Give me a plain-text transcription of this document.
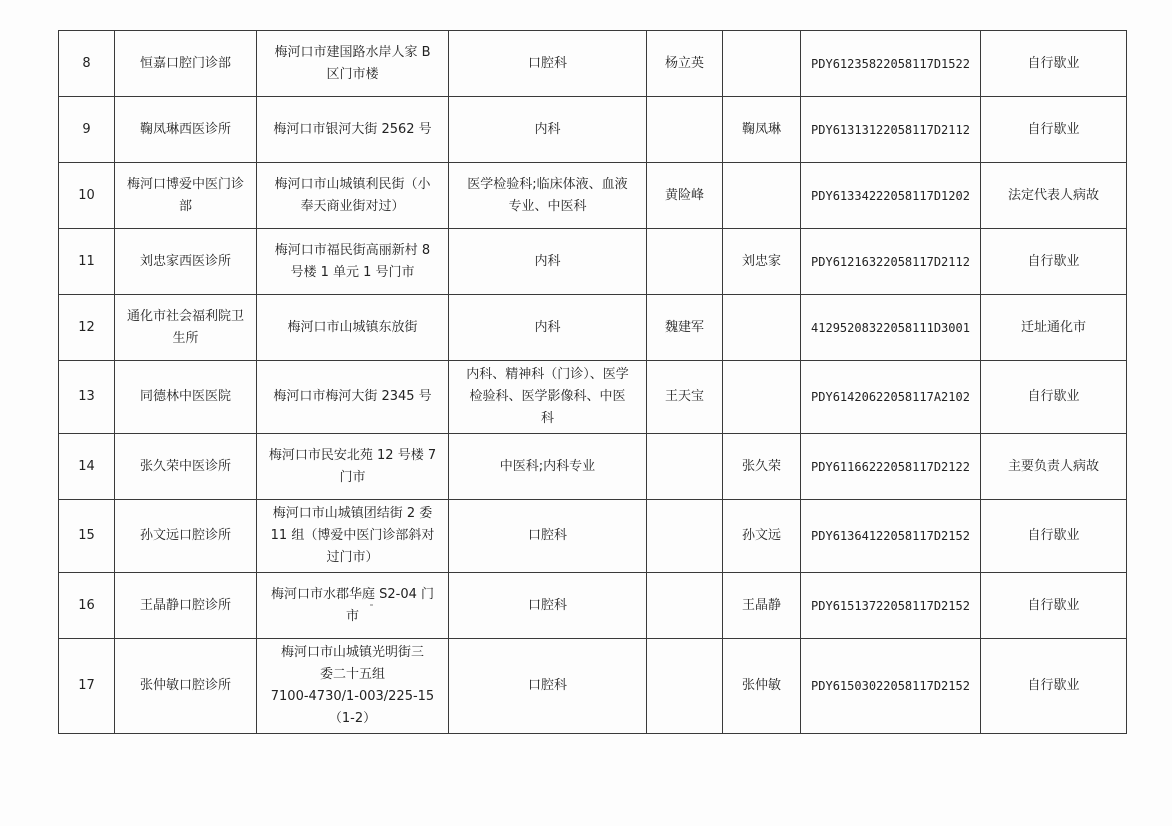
8	恒嘉口腔门诊部	梅河口市建国路水岸人家 B
区门市楼	口腔科	杨立英		PDY61235822058117D1522	自行歇业
9	鞠凤琳西医诊所	梅河口市银河大街 2562 号	内科		鞠凤琳	PDY61313122058117D2112	自行歇业
10	梅河口博爱中医门诊
部	梅河口市山城镇利民街（小
奉天商业街对过）	医学检验科;临床体液、血液
专业、中医科	黄险峰		PDY61334222058117D1202	法定代表人病故
11	刘忠家西医诊所	梅河口市福民街高丽新村 8
号楼 1 单元 1 号门市	内科		刘忠家	PDY61216322058117D2112	自行歇业
12	通化市社会福利院卫
生所	梅河口市山城镇东放街	内科	魏建军		41295208322058111D3001	迁址通化市
13	同德林中医医院	梅河口市梅河大街 2345 号	内科、精神科（门诊）、医学
检验科、医学影像科、中医
科	王天宝		PDY61420622058117A2102	自行歇业
14	张久荣中医诊所	梅河口市民安北苑 12 号楼 7
门市	中医科;内科专业		张久荣	PDY61166222058117D2122	主要负责人病故
15	孙文远口腔诊所	梅河口市山城镇团结街 2 委
11 组（博爱中医门诊部斜对
过门市）	口腔科		孙文远	PDY61364122058117D2152	自行歇业
16	王晶静口腔诊所	梅河口市水郡华庭 S2-04 门
市	口腔科		王晶静	PDY61513722058117D2152	自行歇业
17	张仲敏口腔诊所	梅河口市山城镇光明街三
委二十五组
7100-4730/1-003/225-15
（1-2）	口腔科		张仲敏	PDY61503022058117D2152	自行歇业
